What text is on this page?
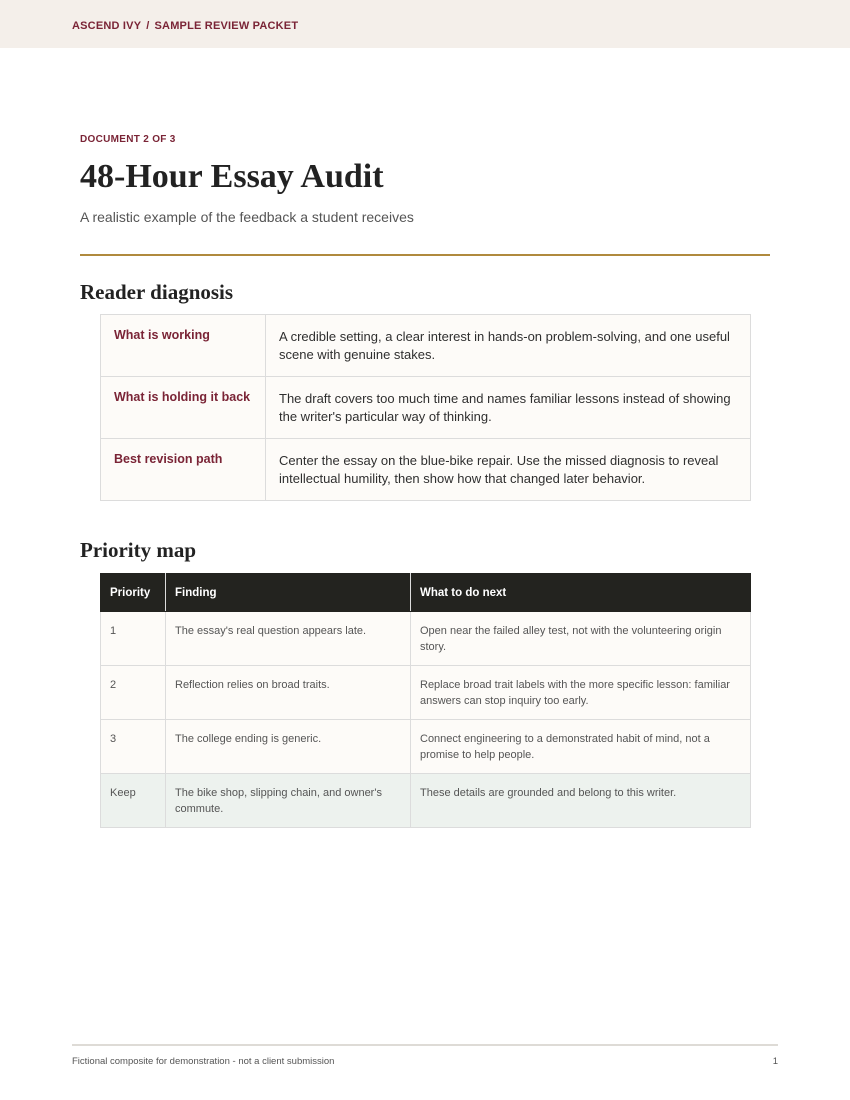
ASCEND IVY / SAMPLE REVIEW PACKET
DOCUMENT 2 OF 3
48-Hour Essay Audit
A realistic example of the feedback a student receives
Reader diagnosis
What is working	A credible setting, a clear interest in hands-on problem-solving, and one useful scene with genuine stakes.
What is holding it back	The draft covers too much time and names familiar lessons instead of showing the writer's particular way of thinking.
Best revision path	Center the essay on the blue-bike repair. Use the missed diagnosis to reveal intellectual humility, then show how that changed later behavior.
Priority map
Priority	Finding	What to do next
1	The essay's real question appears late.	Open near the failed alley test, not with the volunteering origin story.
2	Reflection relies on broad traits.	Replace broad trait labels with the more specific lesson: familiar answers can stop inquiry too early.
3	The college ending is generic.	Connect engineering to a demonstrated habit of mind, not a promise to help people.
Keep	The bike shop, slipping chain, and owner's commute.	These details are grounded and belong to this writer.
Fictional composite for demonstration - not a client submission	1
